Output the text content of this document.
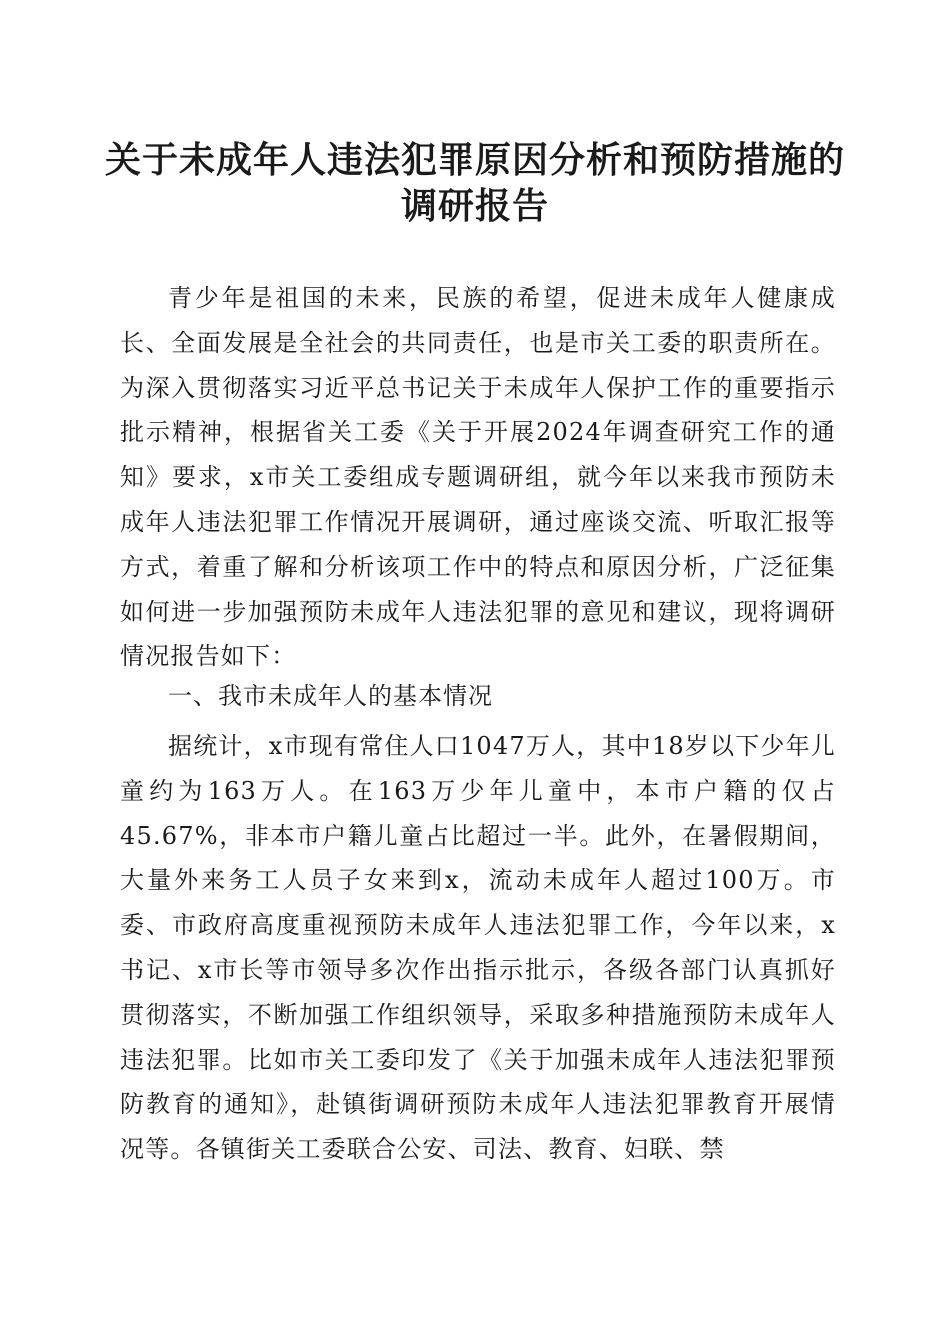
关于未成年人违法犯罪原因分析和预防措施的
调研报告

青少年是祖国的未来，民族的希望，促进未成年人健康成长、全面发展是全社会的共同责任，也是市关工委的职责所在。为深入贯彻落实习近平总书记关于未成年人保护工作的重要指示批示精神，根据省关工委《关于开展2024年调查研究工作的通知》要求，x市关工委组成专题调研组，就今年以来我市预防未成年人违法犯罪工作情况开展调研，通过座谈交流、听取汇报等方式，着重了解和分析该项工作中的特点和原因分析，广泛征集如何进一步加强预防未成年人违法犯罪的意见和建议，现将调研情况报告如下：

一、我市未成年人的基本情况

据统计，x市现有常住人口1047万人，其中18岁以下少年儿童约为163万人。在163万少年儿童中，本市户籍的仅占45.67%，非本市户籍儿童占比超过一半。此外，在暑假期间，大量外来务工人员子女来到x，流动未成年人超过100万。市委、市政府高度重视预防未成年人违法犯罪工作，今年以来，x书记、x市长等市领导多次作出指示批示，各级各部门认真抓好贯彻落实，不断加强工作组织领导，采取多种措施预防未成年人违法犯罪。比如市关工委印发了《关于加强未成年人违法犯罪预防教育的通知》，赴镇街调研预防未成年人违法犯罪教育开展情况等。各镇街关工委联合公安、司法、教育、妇联、禁
